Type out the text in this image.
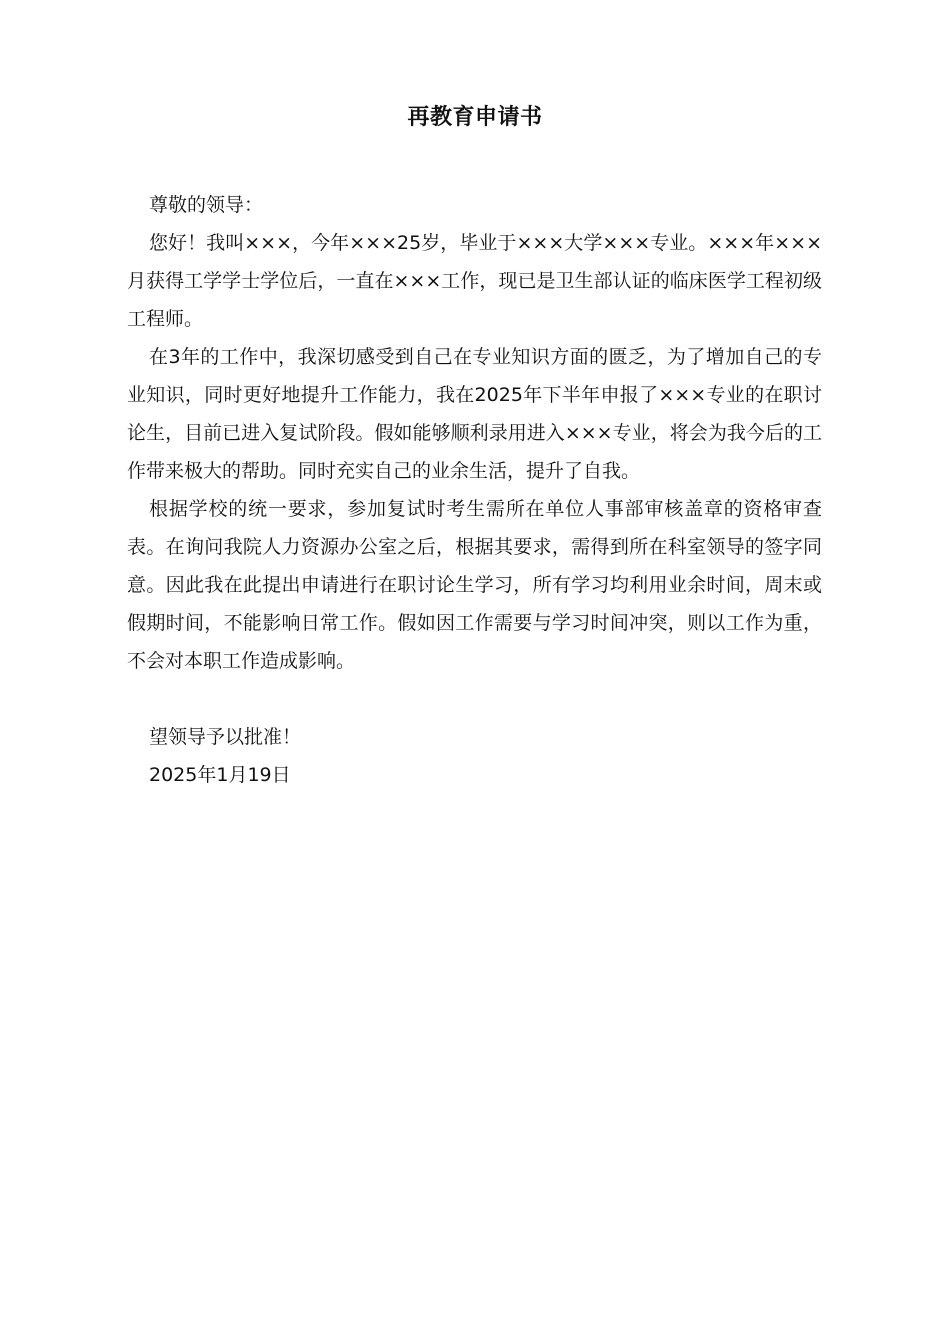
再教育申请书

尊敬的领导：

您好！我叫×××，今年×××25岁，毕业于×××大学×××专业。×××年×××月获得工学学士学位后，一直在×××工作，现已是卫生部认证的临床医学工程初级工程师。

在3年的工作中，我深切感受到自己在专业知识方面的匮乏，为了增加自己的专业知识，同时更好地提升工作能力，我在2025年下半年申报了×××专业的在职讨论生，目前已进入复试阶段。假如能够顺利录用进入×××专业，将会为我今后的工作带来极大的帮助。同时充实自己的业余生活，提升了自我。

根据学校的统一要求，参加复试时考生需所在单位人事部审核盖章的资格审查表。在询问我院人力资源办公室之后，根据其要求，需得到所在科室领导的签字同意。因此我在此提出申请进行在职讨论生学习，所有学习均利用业余时间，周末或假期时间，不能影响日常工作。假如因工作需要与学习时间冲突，则以工作为重，不会对本职工作造成影响。

望领导予以批准！

2025年1月19日
